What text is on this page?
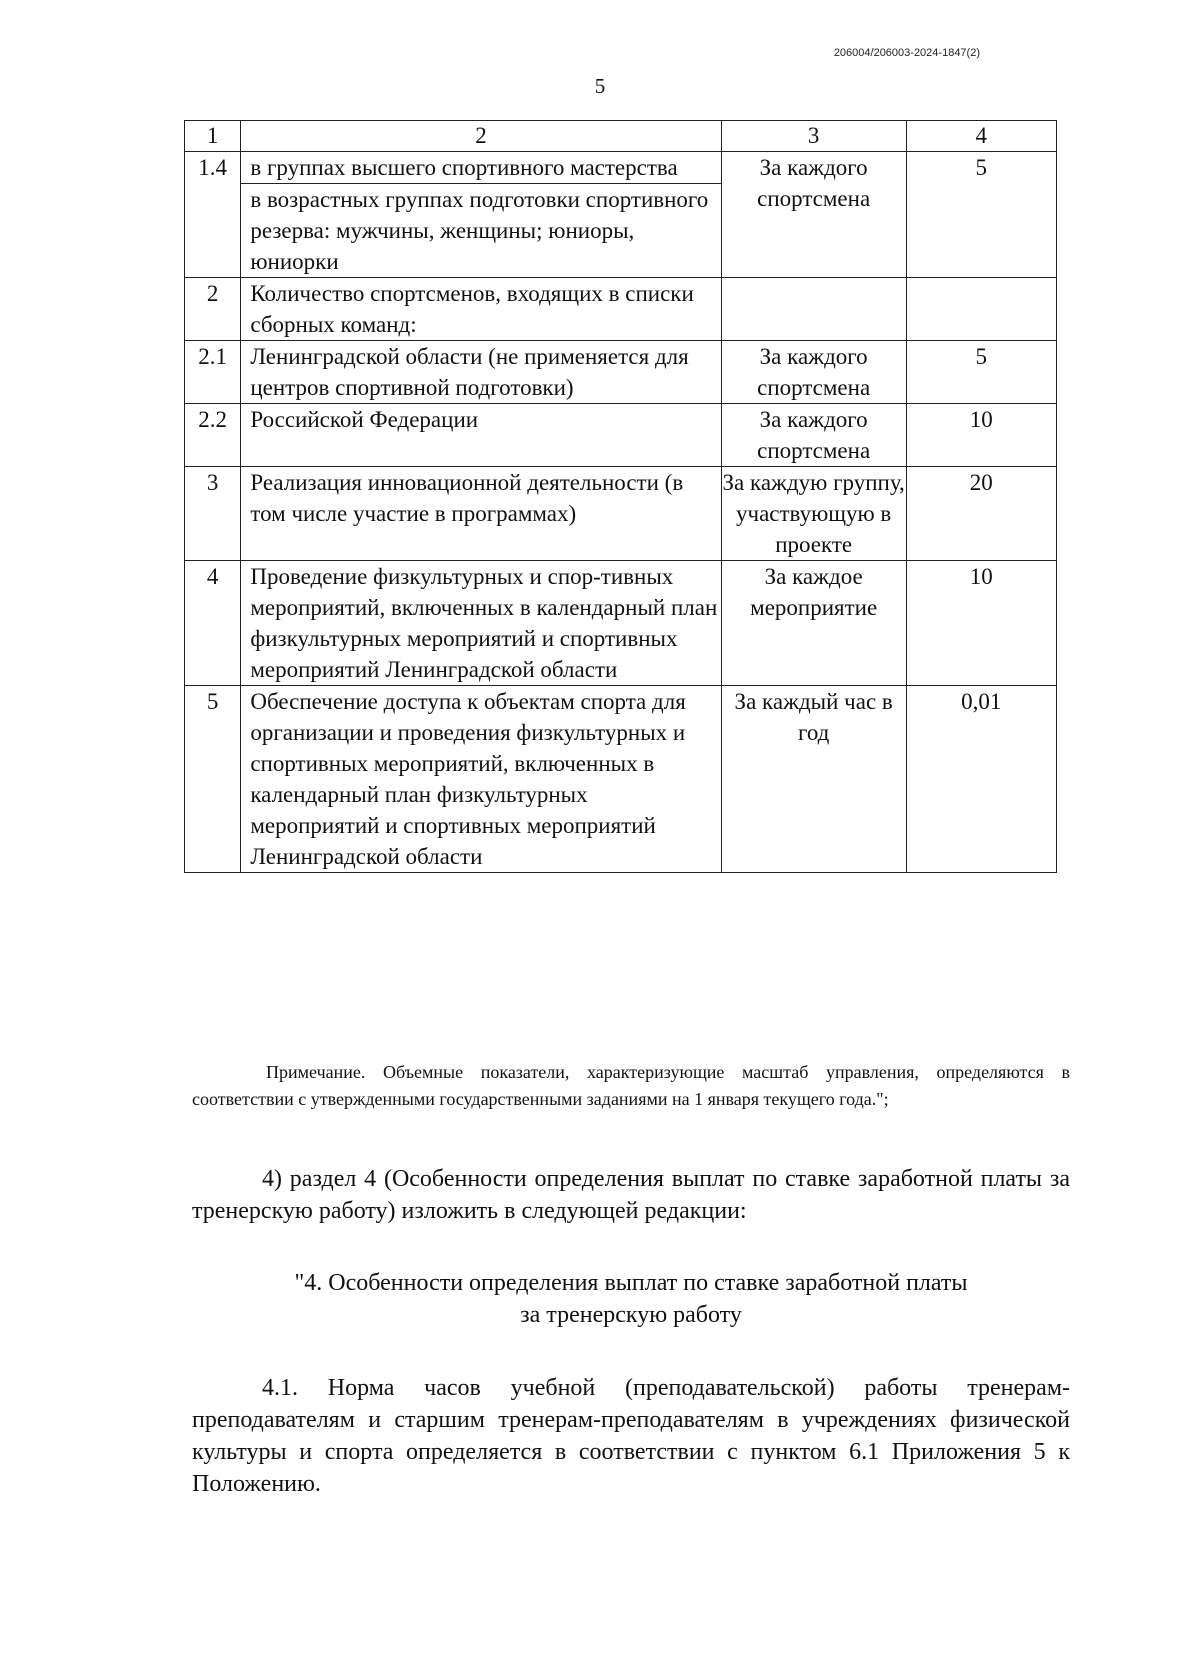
206004/206003-2024-1847(2)
5
1	2	3	4
1.4	в группах высшего спортивного мастерства	За каждого спортсмена	5
	в возрастных группах подготовки спортивного резерва: мужчины, женщины; юниоры, юниорки		
2	Количество спортсменов, входящих в списки сборных команд:		
2.1	Ленинградской области (не применяется для центров спортивной подготовки)	За каждого спортсмена	5
2.2	Российской Федерации	За каждого спортсмена	10
3	Реализация инновационной деятельности (в том числе участие в программах)	За каждую группу, участвующую в проекте	20
4	Проведение физкультурных и спор-тивных мероприятий, включенных в календарный план физкультурных мероприятий и спортивных мероприятий Ленинградской области	За каждое мероприятие	10
5	Обеспечение доступа к объектам спорта для организации и проведения физкультурных и спортивных мероприятий, включенных в календарный план физкультурных мероприятий и спортивных мероприятий Ленинградской области	За каждый час в год	0,01
Примечание. Объемные показатели, характеризующие масштаб управления, определяются в соответствии с утвержденными государственными заданиями на 1 января текущего года.";
4) раздел 4 (Особенности определения выплат по ставке заработной платы за тренерскую работу) изложить в следующей редакции:
"4. Особенности определения выплат по ставке заработной платы
за тренерскую работу
4.1. Норма часов учебной (преподавательской) работы тренерам-преподавателям и старшим тренерам-преподавателям в учреждениях физической культуры и спорта определяется в соответствии с пунктом 6.1 Приложения 5 к Положению.
